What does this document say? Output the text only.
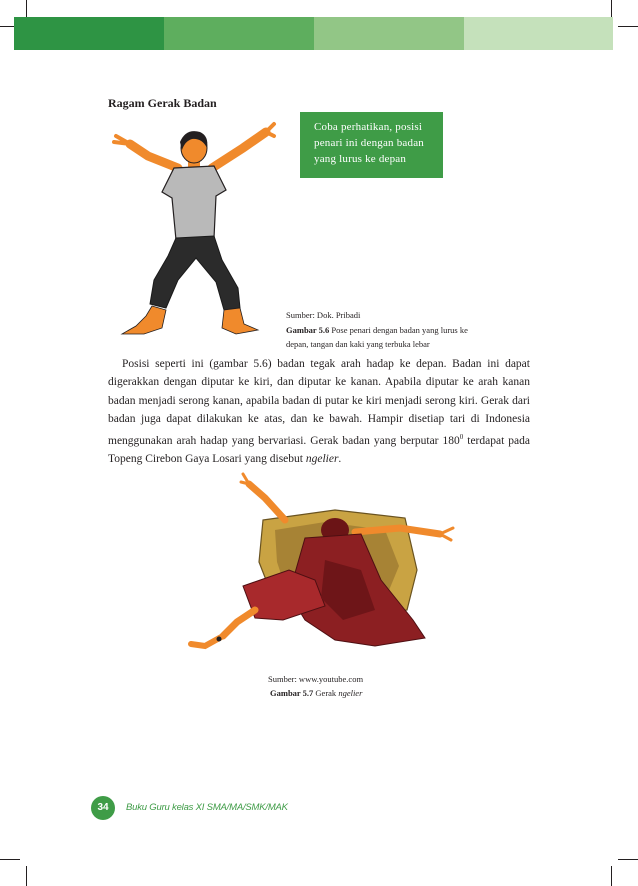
Ragam Gerak Badan
Coba perhatikan, posisi
penari ini dengan badan
yang lurus ke depan
Sumber: Dok. Pribadi
Gambar 5.6 Pose penari dengan badan yang lurus ke
depan, tangan dan kaki yang terbuka lebar
Posisi seperti ini (gambar 5.6) badan tegak arah hadap ke depan. Badan ini dapat digerakkan dengan diputar ke kiri, dan diputar ke kanan. Apabila diputar ke arah kanan badan menjadi serong kanan, apabila badan di putar ke kiri menjadi serong kiri. Gerak dari badan juga dapat dilakukan ke atas, dan ke bawah. Hampir disetiap tari di Indonesia menggunakan arah hadap yang bervariasi. Gerak badan yang berputar $180^0$ terdapat pada Topeng Cirebon Gaya Losari yang disebut ngelier.
Sumber: www.youtube.com
Gambar 5.7 Gerak ngelier
34	Buku Guru kelas XI SMA/MA/SMK/MAK
